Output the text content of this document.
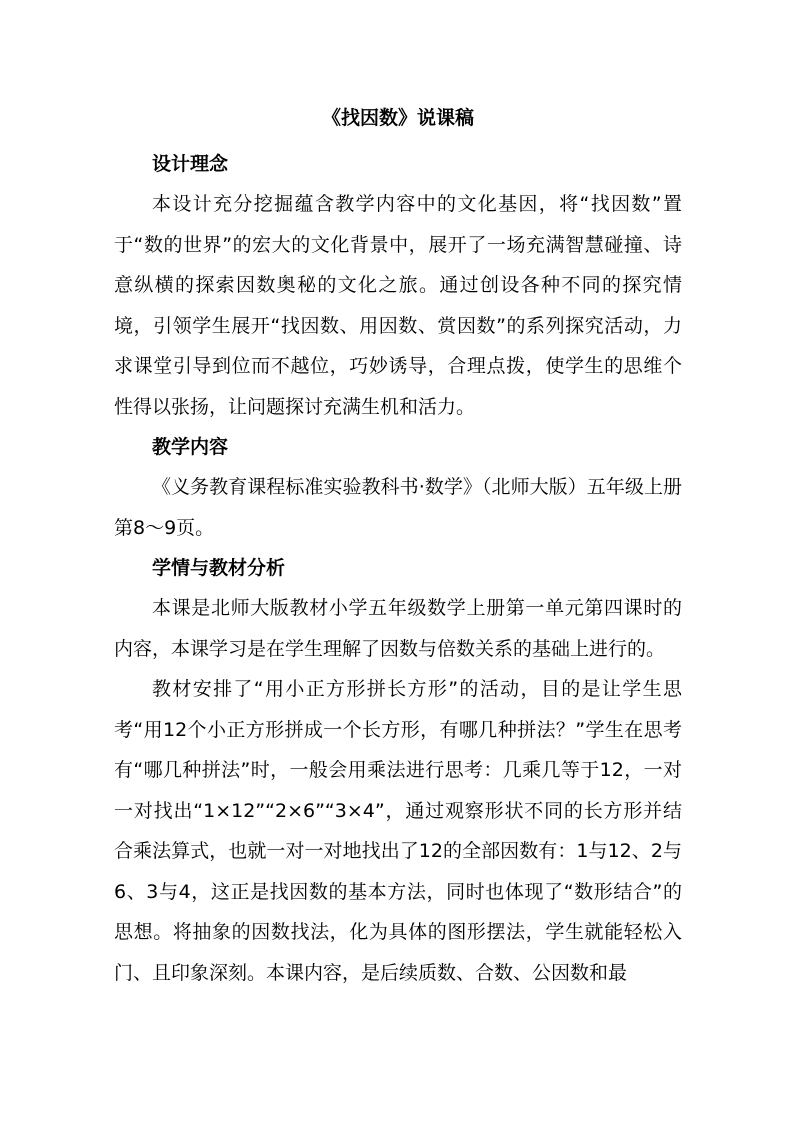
《找因数》说课稿
设计理念

本设计充分挖掘蕴含教学内容中的文化基因，将“找因数”置于“数的世界”的宏大的文化背景中，展开了一场充满智慧碰撞、诗意纵横的探索因数奥秘的文化之旅。通过创设各种不同的探究情境，引领学生展开“找因数、用因数、赏因数”的系列探究活动，力求课堂引导到位而不越位，巧妙诱导，合理点拨，使学生的思维个性得以张扬，让问题探讨充满生机和活力。

教学内容

《义务教育课程标准实验教科书·数学》（北师大版）五年级上册第8～9页。

学情与教材分析

本课是北师大版教材小学五年级数学上册第一单元第四课时的内容，本课学习是在学生理解了因数与倍数关系的基础上进行的。

教材安排了“用小正方形拼长方形”的活动，目的是让学生思考“用12个小正方形拼成一个长方形，有哪几种拼法？”学生在思考有“哪几种拼法”时，一般会用乘法进行思考：几乘几等于12，一对一对找出“1×12”“2×6”“3×4”，通过观察形状不同的长方形并结合乘法算式，也就一对一对地找出了12的全部因数有：1与12、2与6、3与4，这正是找因数的基本方法，同时也体现了“数形结合”的思想。将抽象的因数找法，化为具体的图形摆法，学生就能轻松入门、且印象深刻。本课内容，是后续质数、合数、公因数和最
